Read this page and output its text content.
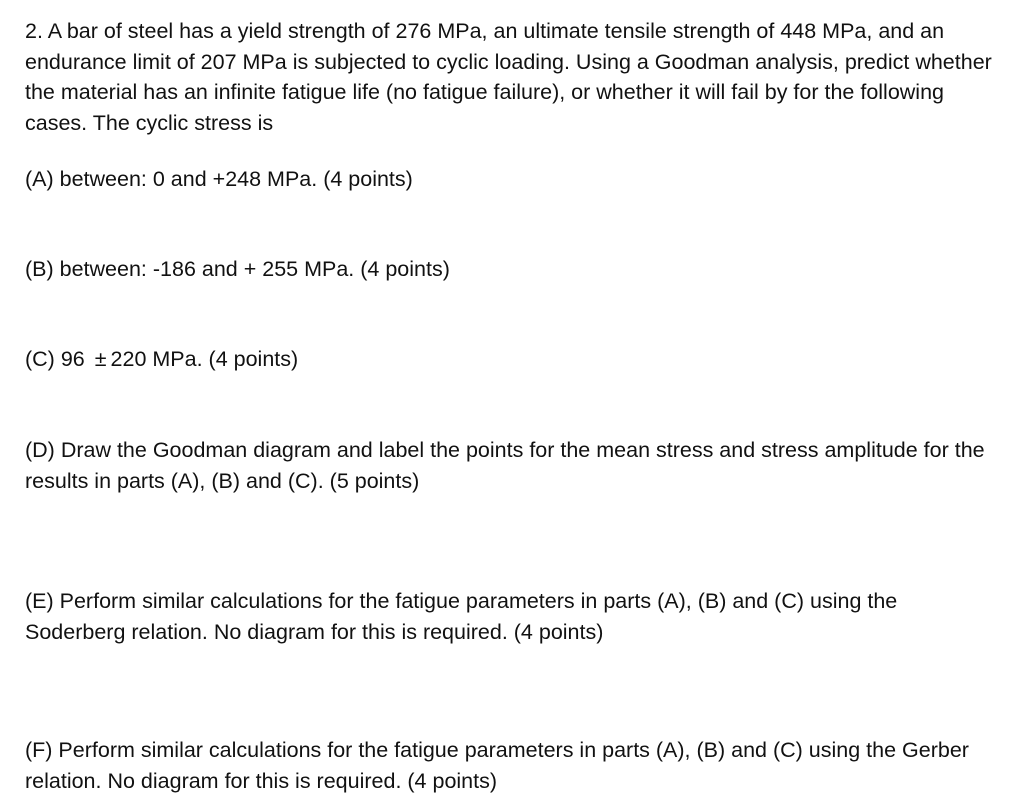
2. A bar of steel has a yield strength of 276 MPa, an ultimate tensile strength of 448 MPa, and an endurance limit of 207 MPa is subjected to cyclic loading. Using a Goodman analysis, predict whether the material has an infinite fatigue life (no fatigue failure), or whether it will fail by for the following cases. The cyclic stress is

(A) between: 0 and +248 MPa. (4 points)

(B) between: -186 and + 255 MPa. (4 points)

(C) 96 ± 220 MPa. (4 points)

(D) Draw the Goodman diagram and label the points for the mean stress and stress amplitude for the results in parts (A), (B) and (C). (5 points)

(E) Perform similar calculations for the fatigue parameters in parts (A), (B) and (C) using the Soderberg relation. No diagram for this is required. (4 points)

(F) Perform similar calculations for the fatigue parameters in parts (A), (B) and (C) using the Gerber relation. No diagram for this is required. (4 points)
